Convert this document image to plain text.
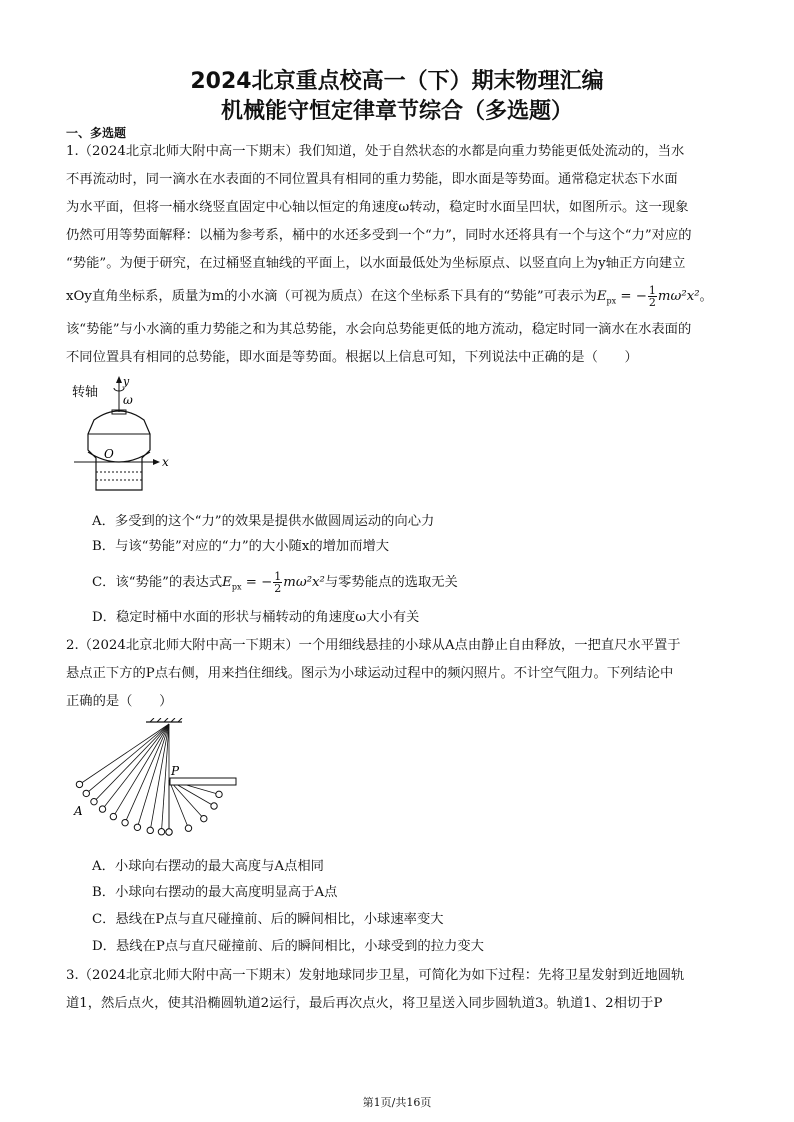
2024北京重点校高一（下）期末物理汇编
机械能守恒定律章节综合（多选题）
一、多选题
1.（2024北京北师大附中高一下期末）我们知道，处于自然状态的水都是向重力势能更低处流动的，当水
不再流动时，同一滴水在水表面的不同位置具有相同的重力势能，即水面是等势面。通常稳定状态下水面
为水平面，但将一桶水绕竖直固定中心轴以恒定的角速度ω转动，稳定时水面呈凹状，如图所示。这一现象
仍然可用等势面解释：以桶为参考系，桶中的水还多受到一个“力”，同时水还将具有一个与这个“力”对应的
“势能”。为便于研究，在过桶竖直轴线的平面上，以水面最低处为坐标原点、以竖直向上为y轴正方向建立
xOy直角坐标系，质量为m的小水滴（可视为质点）在这个坐标系下具有的“势能”可表示为$E_{px}$ = − $\frac{1}{2} m\omega^2x^2$。
该“势能”与小水滴的重力势能之和为其总势能，水会向总势能更低的地方流动，稳定时同一滴水在水表面的
不同位置具有相同的总势能，即水面是等势面。根据以上信息可知，下列说法中正确的是（　　）
转轴
y
ω
O
x
A．多受到的这个“力”的效果是提供水做圆周运动的向心力
B．与该“势能”对应的“力”的大小随x的增加而增大
C．该“势能”的表达式$E_{px}$ = − $\frac{1}{2} m\omega^2x^2$与零势能点的选取无关
D．稳定时桶中水面的形状与桶转动的角速度ω大小有关
2.（2024北京北师大附中高一下期末）一个用细线悬挂的小球从A点由静止自由释放，一把直尺水平置于
悬点正下方的P点右侧，用来挡住细线。图示为小球运动过程中的频闪照片。不计空气阻力。下列结论中
正确的是（　　）
P
A
A．小球向右摆动的最大高度与A点相同
B．小球向右摆动的最大高度明显高于A点
C．悬线在P点与直尺碰撞前、后的瞬间相比，小球速率变大
D．悬线在P点与直尺碰撞前、后的瞬间相比，小球受到的拉力变大
3.（2024北京北师大附中高一下期末）发射地球同步卫星，可简化为如下过程：先将卫星发射到近地圆轨
道1，然后点火，使其沿椭圆轨道2运行，最后再次点火，将卫星送入同步圆轨道3。轨道1、2相切于P
第1页/共16页
